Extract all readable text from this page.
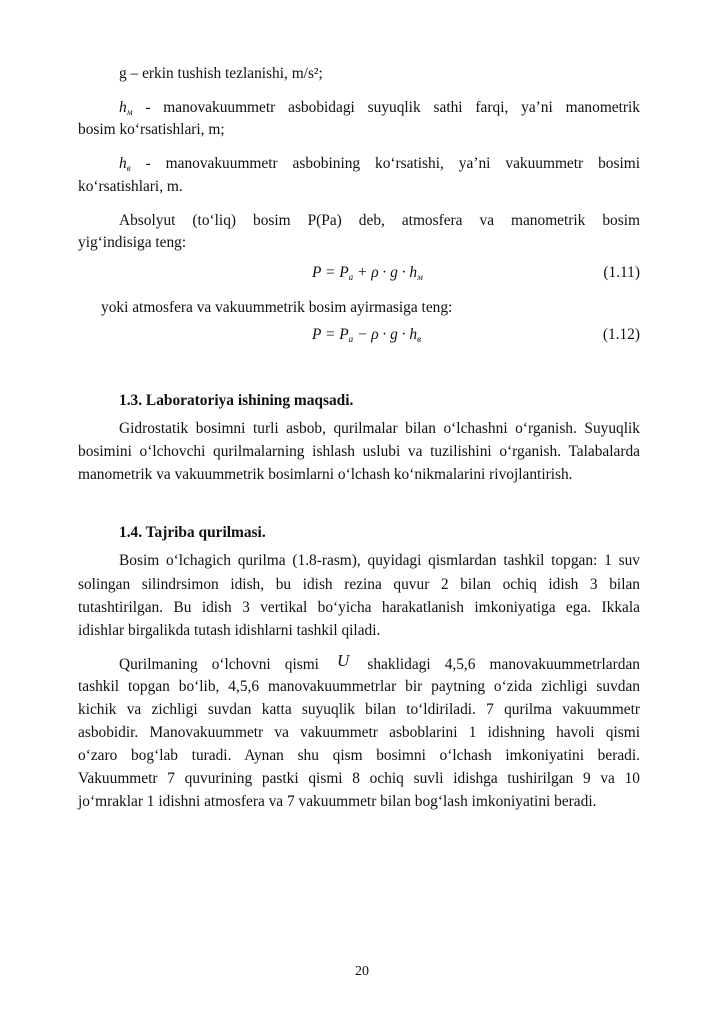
g – erkin tushish tezlanishi, m/s²;
$h_м$ - manovakuummetr asbobidagi suyuqlik sathi farqi, ya’ni manometrik
bosim ko‘rsatishlari, m;
$h_в$ - manovakuummetr asbobining ko‘rsatishi, ya’ni vakuummetr bosimi
ko‘rsatishlari, m.
Absolyut (to‘liq) bosim P(Pa) deb, atmosfera va manometrik bosim
yig‘indisiga teng:
$P = P_a + \rho \cdot g \cdot h_м$	(1.11)
yoki atmosfera va vakuummetrik bosim ayirmasiga teng:
$P = P_a - \rho \cdot g \cdot h_в$	(1.12)
1.3. Laboratoriya ishining maqsadi.
Gidrostatik bosimni turli asbob, qurilmalar bilan o‘lchashni o‘rganish. Suyuqlik
bosimini o‘lchovchi qurilmalarning ishlash uslubi va tuzilishini o‘rganish. Talabalarda
manometrik va vakuummetrik bosimlarni o‘lchash ko‘nikmalarini rivojlantirish.
1.4. Tajriba qurilmasi.
Bosim o‘lchagich qurilma (1.8-rasm), quyidagi qismlardan tashkil topgan: 1 suv
solingan silindrsimon idish, bu idish rezina quvur 2 bilan ochiq idish 3 bilan
tutashtirilgan. Bu idish 3 vertikal bo‘yicha harakatlanish imkoniyatiga ega. Ikkala
idishlar birgalikda tutash idishlarni tashkil qiladi.
Qurilmaning o‘lchovni qismi U shaklidagi 4,5,6 manovakuummetrlardan
tashkil topgan bo‘lib, 4,5,6 manovakuummetrlar bir paytning o‘zida zichligi suvdan
kichik va zichligi suvdan katta suyuqlik bilan to‘ldiriladi. 7 qurilma vakuummetr
asbobidir. Manovakuummetr va vakuummetr asboblarini 1 idishning havoli qismi
o‘zaro bog‘lab turadi. Aynan shu qism bosimni o‘lchash imkoniyatini beradi.
Vakuummetr 7 quvurining pastki qismi 8 ochiq suvli idishga tushirilgan 9 va 10
jo‘mraklar 1 idishni atmosfera va 7 vakuummetr bilan bog‘lash imkoniyatini beradi.
20
